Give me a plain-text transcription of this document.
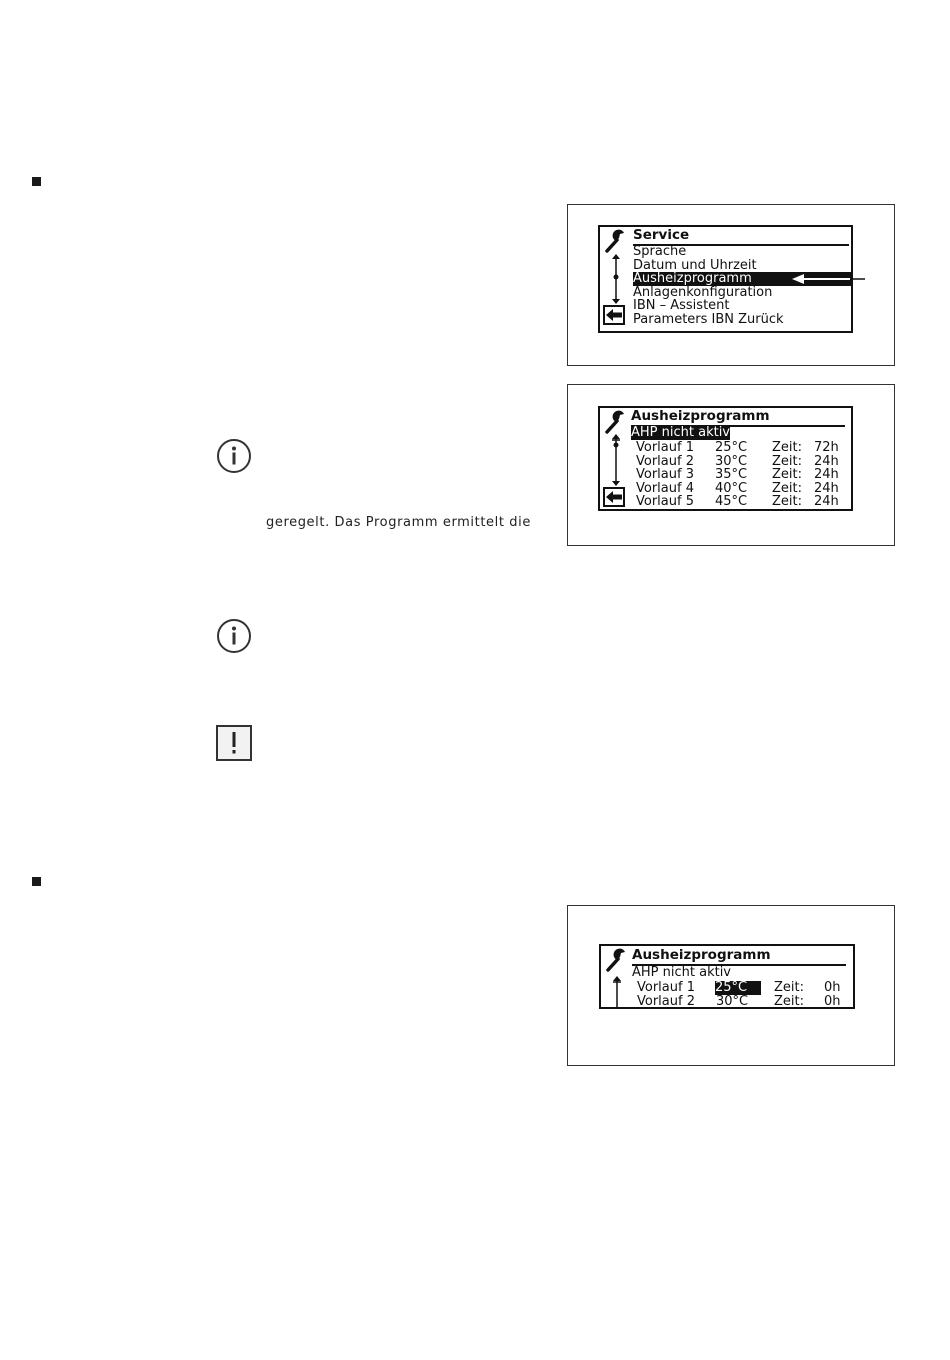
geregelt. Das Programm ermittelt die
Service
Sprache
Datum und Uhrzeit
Ausheizprogramm
Anlagenkonfiguration
IBN – Assistent
Parameters IBN Zurück
Ausheizprogramm
AHP nicht aktiv
Vorlauf 1 25°C Zeit: 72h
Vorlauf 2 30°C Zeit: 24h
Vorlauf 3 35°C Zeit: 24h
Vorlauf 4 40°C Zeit: 24h
Vorlauf 5 45°C Zeit: 24h
Ausheizprogramm
AHP nicht aktiv
Vorlauf 1 25°C	Zeit: 0h
Vorlauf 2 30°C Zeit: 0h
